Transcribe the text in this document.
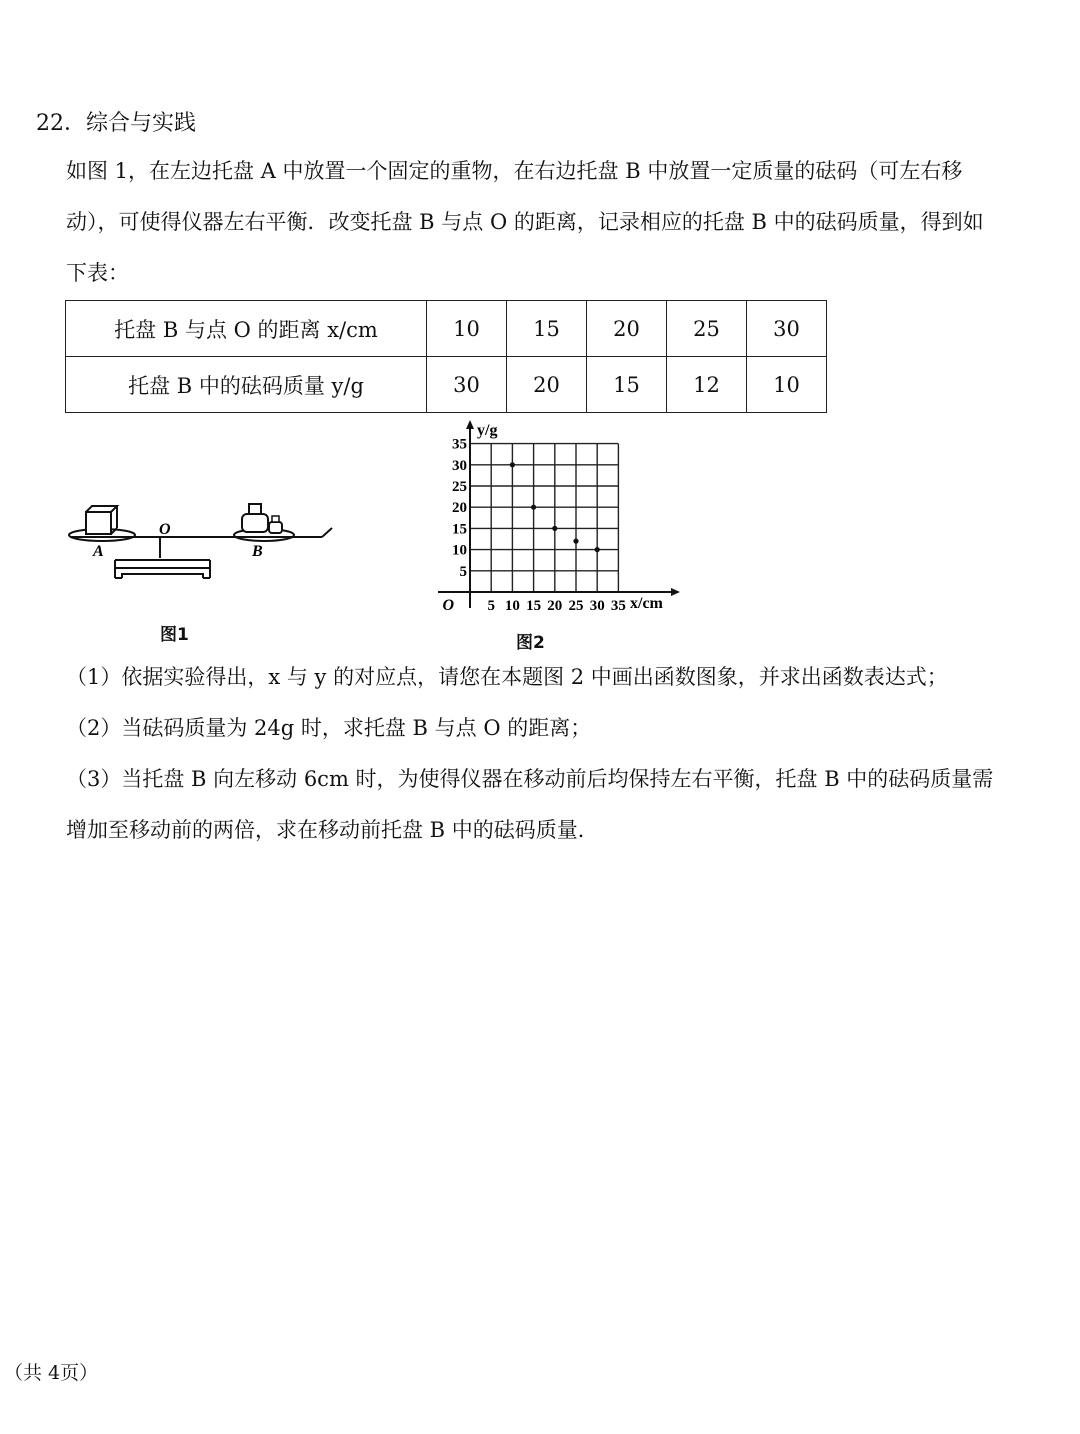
22．综合与实践
如图 1，在左边托盘 A 中放置一个固定的重物，在右边托盘 B 中放置一定质量的砝码（可左右移动），可使得仪器左右平衡．改变托盘 B 与点 O 的距离，记录相应的托盘 B 中的砝码质量，得到如下表：
托盘 B 与点 O 的距离 x/cm	10	15	20	25	30
托盘 B 中的砝码质量 y/g	30	20	15	12	10
A
O
B
图1
5 10 15 20 25 30 35
5
10
15
20
25
30
35
O	x/cm
y/g
图2
（1）依据实验得出，x 与 y 的对应点，请您在本题图 2 中画出函数图象，并求出函数表达式；
（2）当砝码质量为 24g 时，求托盘 B 与点 O 的距离；
（3）当托盘 B 向左移动 6cm 时，为使得仪器在移动前后均保持左右平衡，托盘 B 中的砝码质量需增加至移动前的两倍，求在移动前托盘 B 中的砝码质量．
（共 4页）
